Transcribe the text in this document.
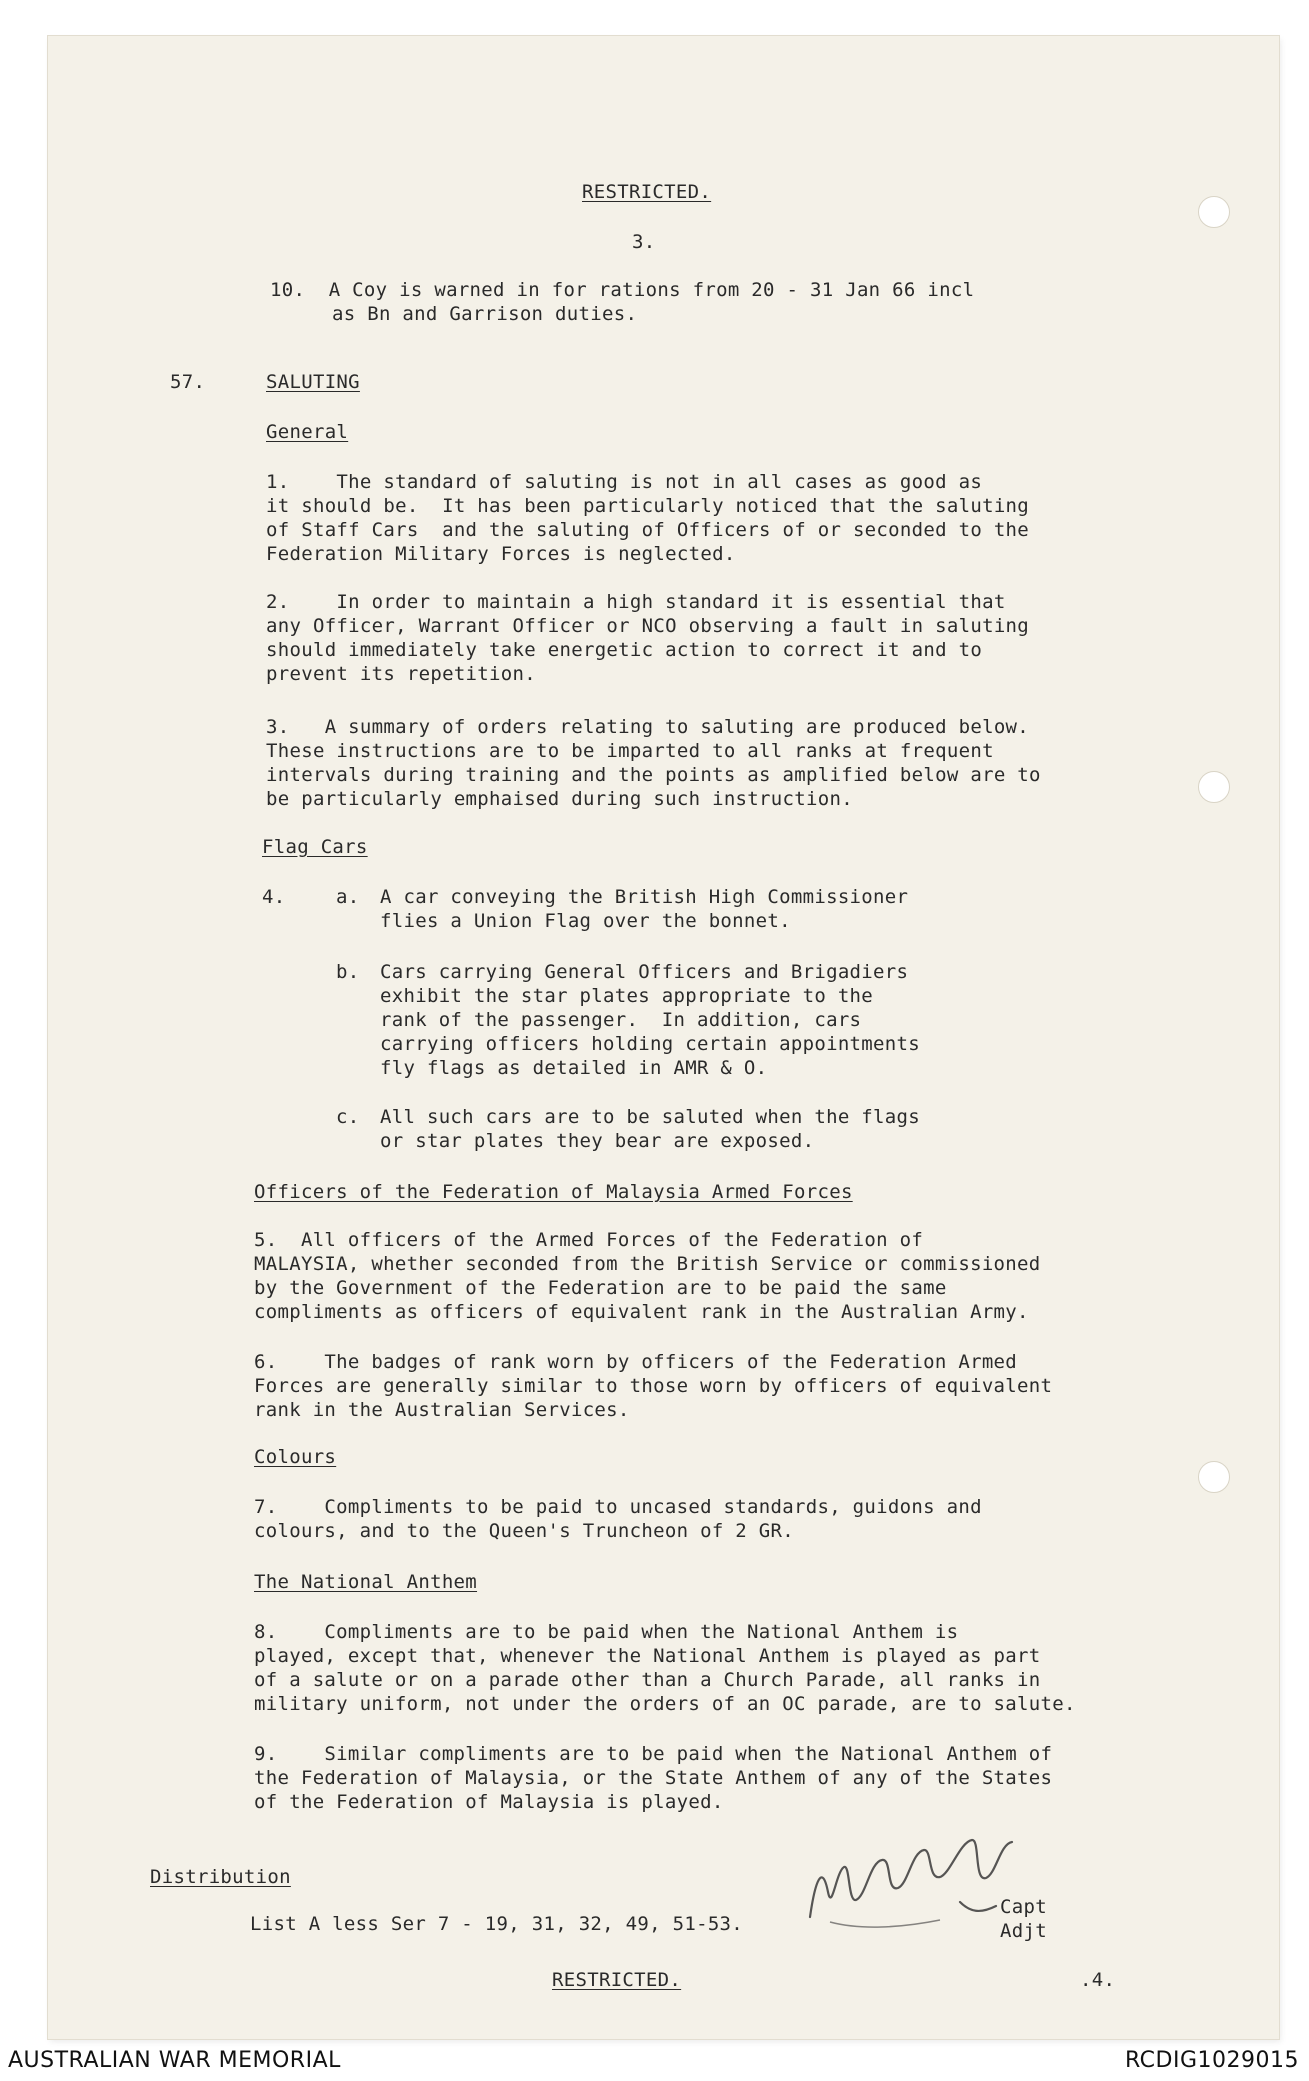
RESTRICTED.
3.
10.  A Coy is warned in for rations from 20 - 31 Jan 66 incl
as Bn and Garrison duties.
57.	SALUTING
General
1.    The standard of saluting is not in all cases as good as
it should be.  It has been particularly noticed that the saluting
of Staff Cars  and the saluting of Officers of or seconded to the
Federation Military Forces is neglected.
2.    In order to maintain a high standard it is essential that
any Officer, Warrant Officer or NCO observing a fault in saluting
should immediately take energetic action to correct it and to
prevent its repetition.
3.   A summary of orders relating to saluting are produced below.
These instructions are to be imparted to all ranks at frequent
intervals during training and the points as amplified below are to
be particularly emphaised during such instruction.
Flag Cars
4.	a. A car conveying the British High Commissioner
flies a Union Flag over the bonnet.
b. Cars carrying General Officers and Brigadiers
exhibit the star plates appropriate to the
rank of the passenger.  In addition, cars
carrying officers holding certain appointments
fly flags as detailed in AMR & O.
c. All such cars are to be saluted when the flags
or star plates they bear are exposed.
Officers of the Federation of Malaysia Armed Forces
5.  All officers of the Armed Forces of the Federation of
MALAYSIA, whether seconded from the British Service or commissioned
by the Government of the Federation are to be paid the same
compliments as officers of equivalent rank in the Australian Army.
6.    The badges of rank worn by officers of the Federation Armed
Forces are generally similar to those worn by officers of equivalent
rank in the Australian Services.
Colours
7.    Compliments to be paid to uncased standards, guidons and
colours, and to the Queen's Truncheon of 2 GR.
The National Anthem
8.    Compliments are to be paid when the National Anthem is
played, except that, whenever the National Anthem is played as part
of a salute or on a parade other than a Church Parade, all ranks in
military uniform, not under the orders of an OC parade, are to salute.
9.    Similar compliments are to be paid when the National Anthem of
the Federation of Malaysia, or the State Anthem of any of the States
of the Federation of Malaysia is played.
Distribution
List A less Ser 7 - 19, 31, 32, 49, 51-53.
Capt
Adjt
RESTRICTED.	.4.
AUSTRALIAN WAR MEMORIAL	RCDIG1029015
